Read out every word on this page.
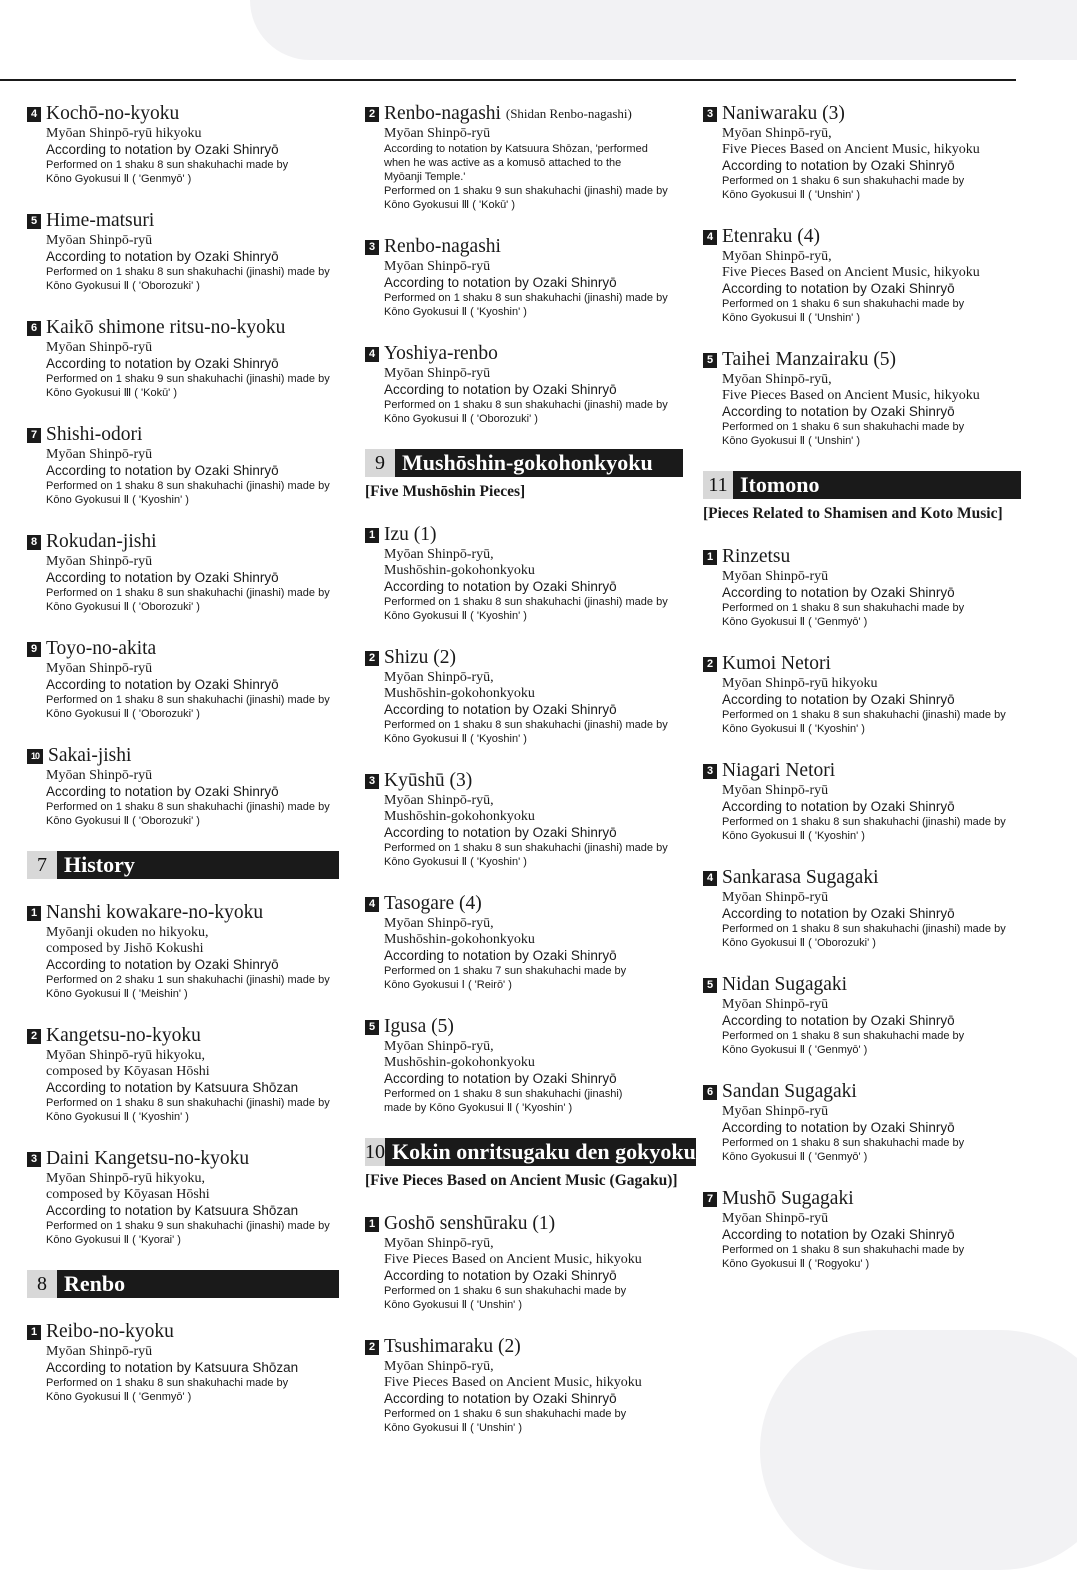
4 Kochō-no-kyoku
Myōan Shinpō-ryū hikyoku
According to notation by Ozaki Shinryō
Performed on 1 shaku 8 sun shakuhachi made by
Kōno Gyokusui Ⅱ ( 'Genmyō' )
5 Hime-matsuri
Myōan Shinpō-ryū
According to notation by Ozaki Shinryō
Performed on 1 shaku 8 sun shakuhachi (jinashi) made by
Kōno Gyokusui Ⅱ ( 'Oborozuki' )
6 Kaikō shimone ritsu-no-kyoku
Myōan Shinpō-ryū
According to notation by Ozaki Shinryō
Performed on 1 shaku 9 sun shakuhachi (jinashi) made by
Kōno Gyokusui Ⅲ ( 'Kokū' )
7 Shishi-odori
Myōan Shinpō-ryū
According to notation by Ozaki Shinryō
Performed on 1 shaku 8 sun shakuhachi (jinashi) made by
Kōno Gyokusui Ⅱ ( 'Kyoshin' )
8 Rokudan-jishi
Myōan Shinpō-ryū
According to notation by Ozaki Shinryō
Performed on 1 shaku 8 sun shakuhachi (jinashi) made by
Kōno Gyokusui Ⅱ ( 'Oborozuki' )
9 Toyo-no-akita
Myōan Shinpō-ryū
According to notation by Ozaki Shinryō
Performed on 1 shaku 8 sun shakuhachi (jinashi) made by
Kōno Gyokusui Ⅱ ( 'Oborozuki' )
10 Sakai-jishi
Myōan Shinpō-ryū
According to notation by Ozaki Shinryō
Performed on 1 shaku 8 sun shakuhachi (jinashi) made by
Kōno Gyokusui Ⅱ ( 'Oborozuki' )
7 History
1 Nanshi kowakare-no-kyoku
Myōanji okuden no hikyoku,
composed by Jishō Kokushi
According to notation by Ozaki Shinryō
Performed on 2 shaku 1 sun shakuhachi (jinashi) made by
Kōno Gyokusui Ⅱ ( 'Meishin' )
2 Kangetsu-no-kyoku
Myōan Shinpō-ryū hikyoku,
composed by Kōyasan Hōshi
According to notation by Katsuura Shōzan
Performed on 1 shaku 8 sun shakuhachi (jinashi) made by
Kōno Gyokusui Ⅱ ( 'Kyoshin' )
3 Daini Kangetsu-no-kyoku
Myōan Shinpō-ryū hikyoku,
composed by Kōyasan Hōshi
According to notation by Katsuura Shōzan
Performed on 1 shaku 9 sun shakuhachi (jinashi) made by
Kōno Gyokusui Ⅱ ( 'Kyorai' )
8 Renbo
1 Reibo-no-kyoku
Myōan Shinpō-ryū
According to notation by Katsuura Shōzan
Performed on 1 shaku 8 sun shakuhachi made by
Kōno Gyokusui Ⅱ ( 'Genmyō' )
2 Renbo-nagashi
(Shidan Renbo-nagashi)
Myōan Shinpō-ryū
According to notation by Katsuura Shōzan, 'performed
when he was active as a komusō attached to the
Myōanji Temple.'
Performed on 1 shaku 9 sun shakuhachi (jinashi) made by
Kōno Gyokusui Ⅲ ( 'Kokū' )
3 Renbo-nagashi
Myōan Shinpō-ryū
According to notation by Ozaki Shinryō
Performed on 1 shaku 8 sun shakuhachi (jinashi) made by
Kōno Gyokusui Ⅱ ( 'Kyoshin' )
4 Yoshiya-renbo
Myōan Shinpō-ryū
According to notation by Ozaki Shinryō
Performed on 1 shaku 8 sun shakuhachi (jinashi) made by
Kōno Gyokusui Ⅱ ( 'Oborozuki' )
9 Mushōshin-gokohonkyoku
[Five Mushōshin Pieces]
1 Izu (1)
Myōan Shinpō-ryū,
Mushōshin-gokohonkyoku
According to notation by Ozaki Shinryō
Performed on 1 shaku 8 sun shakuhachi (jinashi) made by
Kōno Gyokusui Ⅱ ( 'Kyoshin' )
2 Shizu (2)
Myōan Shinpō-ryū,
Mushōshin-gokohonkyoku
According to notation by Ozaki Shinryō
Performed on 1 shaku 8 sun shakuhachi (jinashi) made by
Kōno Gyokusui Ⅱ ( 'Kyoshin' )
3 Kyūshū (3)
Myōan Shinpō-ryū,
Mushōshin-gokohonkyoku
According to notation by Ozaki Shinryō
Performed on 1 shaku 8 sun shakuhachi (jinashi) made by
Kōno Gyokusui Ⅱ ( 'Kyoshin' )
4 Tasogare (4)
Myōan Shinpō-ryū,
Mushōshin-gokohonkyoku
According to notation by Ozaki Shinryō
Performed on 1 shaku 7 sun shakuhachi made by
Kōno Gyokusui Ⅰ ( 'Reirō' )
5 Igusa (5)
Myōan Shinpō-ryū,
Mushōshin-gokohonkyoku
According to notation by Ozaki Shinryō
Performed on 1 shaku 8 sun shakuhachi (jinashi)
made by Kōno Gyokusui Ⅱ ( 'Kyoshin' )
10 Kokin onritsugaku den gokyoku
[Five Pieces Based on Ancient Music (Gagaku)]
1 Goshō senshūraku (1)
Myōan Shinpō-ryū,
Five Pieces Based on Ancient Music, hikyoku
According to notation by Ozaki Shinryō
Performed on 1 shaku 6 sun shakuhachi made by
Kōno Gyokusui Ⅱ ( 'Unshin' )
2 Tsushimaraku (2)
Myōan Shinpō-ryū,
Five Pieces Based on Ancient Music, hikyoku
According to notation by Ozaki Shinryō
Performed on 1 shaku 6 sun shakuhachi made by
Kōno Gyokusui Ⅱ ( 'Unshin' )
3 Naniwaraku (3)
Myōan Shinpō-ryū,
Five Pieces Based on Ancient Music, hikyoku
According to notation by Ozaki Shinryō
Performed on 1 shaku 6 sun shakuhachi made by
Kōno Gyokusui Ⅱ ( 'Unshin' )
4 Etenraku (4)
Myōan Shinpō-ryū,
Five Pieces Based on Ancient Music, hikyoku
According to notation by Ozaki Shinryō
Performed on 1 shaku 6 sun shakuhachi made by
Kōno Gyokusui Ⅱ ( 'Unshin' )
5 Taihei Manzairaku (5)
Myōan Shinpō-ryū,
Five Pieces Based on Ancient Music, hikyoku
According to notation by Ozaki Shinryō
Performed on 1 shaku 6 sun shakuhachi made by
Kōno Gyokusui Ⅱ ( 'Unshin' )
11 Itomono
[Pieces Related to Shamisen and Koto Music]
1 Rinzetsu
Myōan Shinpō-ryū
According to notation by Ozaki Shinryō
Performed on 1 shaku 8 sun shakuhachi made by
Kōno Gyokusui Ⅱ ( 'Genmyō' )
2 Kumoi Netori
Myōan Shinpō-ryū hikyoku
According to notation by Ozaki Shinryō
Performed on 1 shaku 8 sun shakuhachi (jinashi) made by
Kōno Gyokusui Ⅱ ( 'Kyoshin' )
3 Niagari Netori
Myōan Shinpō-ryū
According to notation by Ozaki Shinryō
Performed on 1 shaku 8 sun shakuhachi (jinashi) made by
Kōno Gyokusui Ⅱ ( 'Kyoshin' )
4 Sankarasa Sugagaki
Myōan Shinpō-ryū
According to notation by Ozaki Shinryō
Performed on 1 shaku 8 sun shakuhachi (jinashi) made by
Kōno Gyokusui Ⅱ ( 'Oborozuki' )
5 Nidan Sugagaki
Myōan Shinpō-ryū
According to notation by Ozaki Shinryō
Performed on 1 shaku 8 sun shakuhachi made by
Kōno Gyokusui Ⅱ ( 'Genmyō' )
6 Sandan Sugagaki
Myōan Shinpō-ryū
According to notation by Ozaki Shinryō
Performed on 1 shaku 8 sun shakuhachi made by
Kōno Gyokusui Ⅱ ( 'Genmyō' )
7 Mushō Sugagaki
Myōan Shinpō-ryū
According to notation by Ozaki Shinryō
Performed on 1 shaku 8 sun shakuhachi made by
Kōno Gyokusui Ⅱ ( 'Rogyoku' )
